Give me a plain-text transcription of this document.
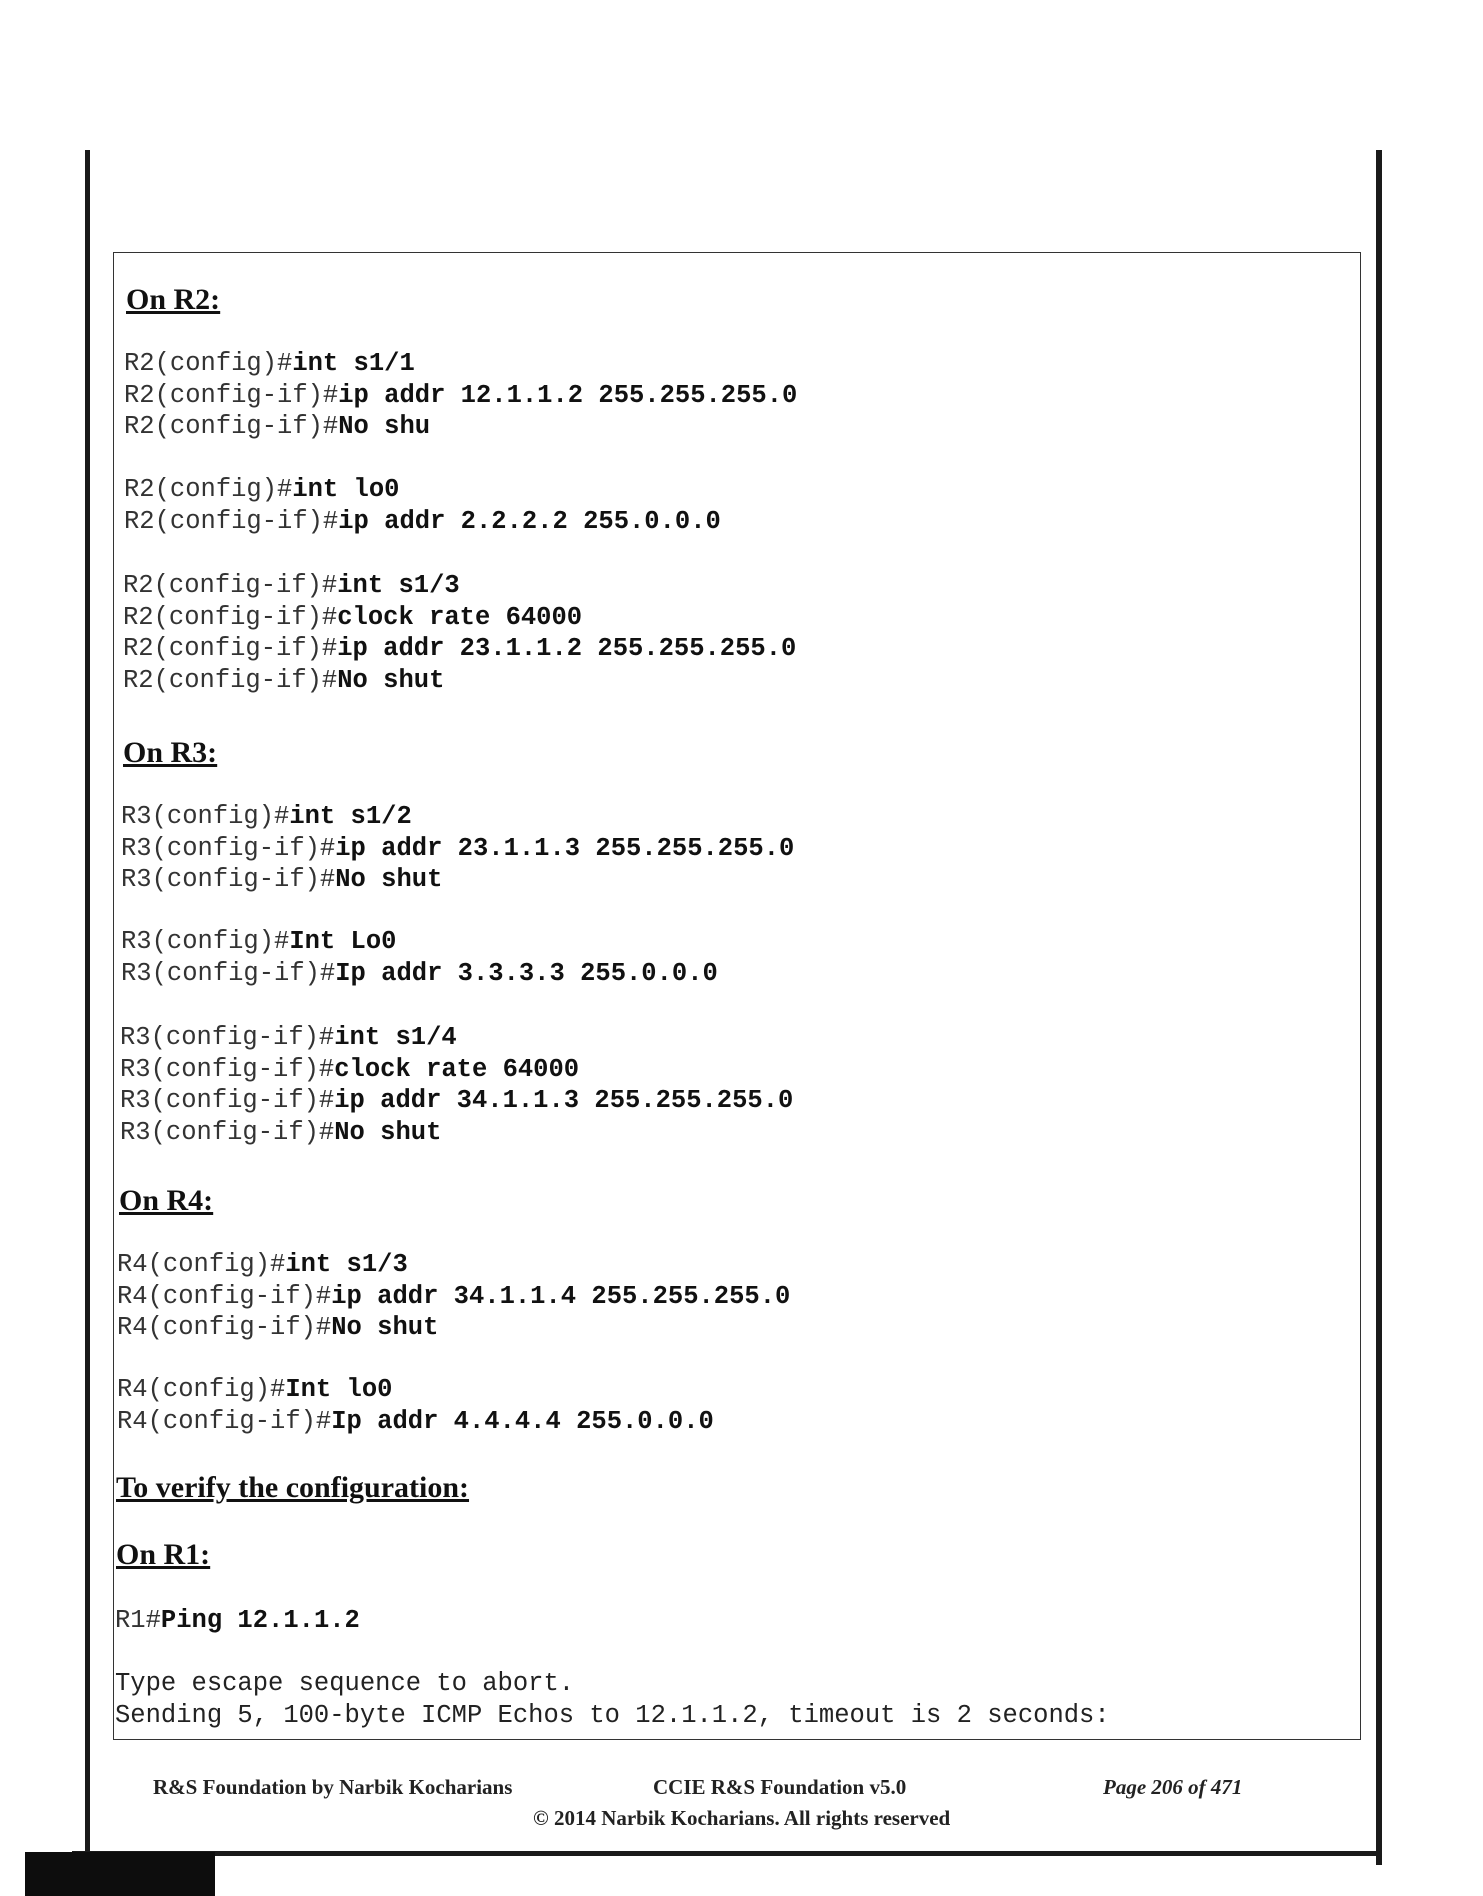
On R2:
R2(config)#int s1/1
R2(config-if)#ip addr 12.1.1.2 255.255.255.0
R2(config-if)#No shu
R2(config)#int lo0
R2(config-if)#ip addr 2.2.2.2 255.0.0.0
R2(config-if)#int s1/3
R2(config-if)#clock rate 64000
R2(config-if)#ip addr 23.1.1.2 255.255.255.0
R2(config-if)#No shut
On R3:
R3(config)#int s1/2
R3(config-if)#ip addr 23.1.1.3 255.255.255.0
R3(config-if)#No shut
R3(config)#Int Lo0
R3(config-if)#Ip addr 3.3.3.3 255.0.0.0
R3(config-if)#int s1/4
R3(config-if)#clock rate 64000
R3(config-if)#ip addr 34.1.1.3 255.255.255.0
R3(config-if)#No shut
On R4:
R4(config)#int s1/3
R4(config-if)#ip addr 34.1.1.4 255.255.255.0
R4(config-if)#No shut
R4(config)#Int lo0
R4(config-if)#Ip addr 4.4.4.4 255.0.0.0
To verify the configuration:
On R1:
R1#Ping 12.1.1.2
Type escape sequence to abort.
Sending 5, 100-byte ICMP Echos to 12.1.1.2, timeout is 2 seconds:
R&S Foundation by Narbik Kocharians	CCIE R&S Foundation v5.0	Page 206 of 471
© 2014 Narbik Kocharians. All rights reserved
